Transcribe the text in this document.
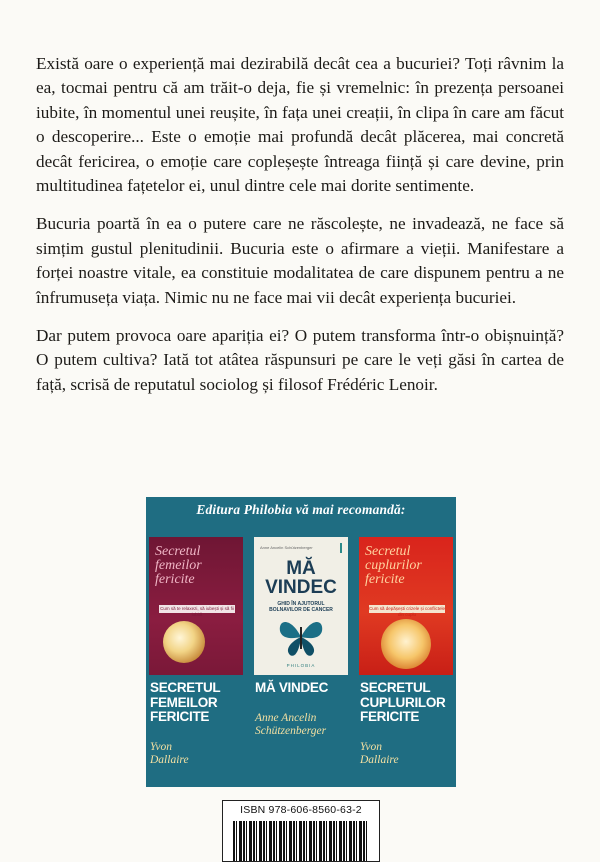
Există oare o experiență mai dezirabilă decât cea a bucuriei? Toți râvnim la ea, tocmai pentru că am trăit-o deja, fie și vremelnic: în prezența persoanei iubite, în momentul unei reușite, în fața unei creații, în clipa în care am făcut o descoperire... Este o emoție mai profundă decât plăcerea, mai concretă decât fericirea, o emoție care copleșește întreaga ființă și care devine, prin multitudinea fațetelor ei, unul dintre cele mai dorite sentimente.

Bucuria poartă în ea o putere care ne răscolește, ne invadează, ne face să simțim gustul plenitudinii. Bucuria este o afirmare a vieții. Manifestare a forței noastre vitale, ea constituie modalitatea de care dispunem pentru a ne înfrumuseța viața. Nimic nu ne face mai vii decât experiența bucuriei.

Dar putem provoca oare apariția ei? O putem transforma într-o obișnuință? O putem cultiva? Iată tot atâtea răspunsuri pe care le veți găsi în cartea de față, scrisă de reputatul sociolog și filosof Frédéric Lenoir.

Editura Philobia vă mai recomandă:
Secretul
femeilor
fericite
Cum să te relaxezi, să iubești și să fii iubită
SECRETUL
FEMEILOR
FERICITE
Yvon
Dallaire
Anne Ancelin Schützenberger
MĂ
VINDEC
GHID ÎN AJUTORUL
BOLNAVILOR DE CANCER
PHILOBIA
MĂ VINDEC
Anne Ancelin
Schützenberger
Secretul
cuplurilor
fericite
Cum să depășești crizele și conflictele din cuplu
SECRETUL
CUPLURILOR
FERICITE
Yvon
Dallaire
ISBN 978-606-8560-63-2
